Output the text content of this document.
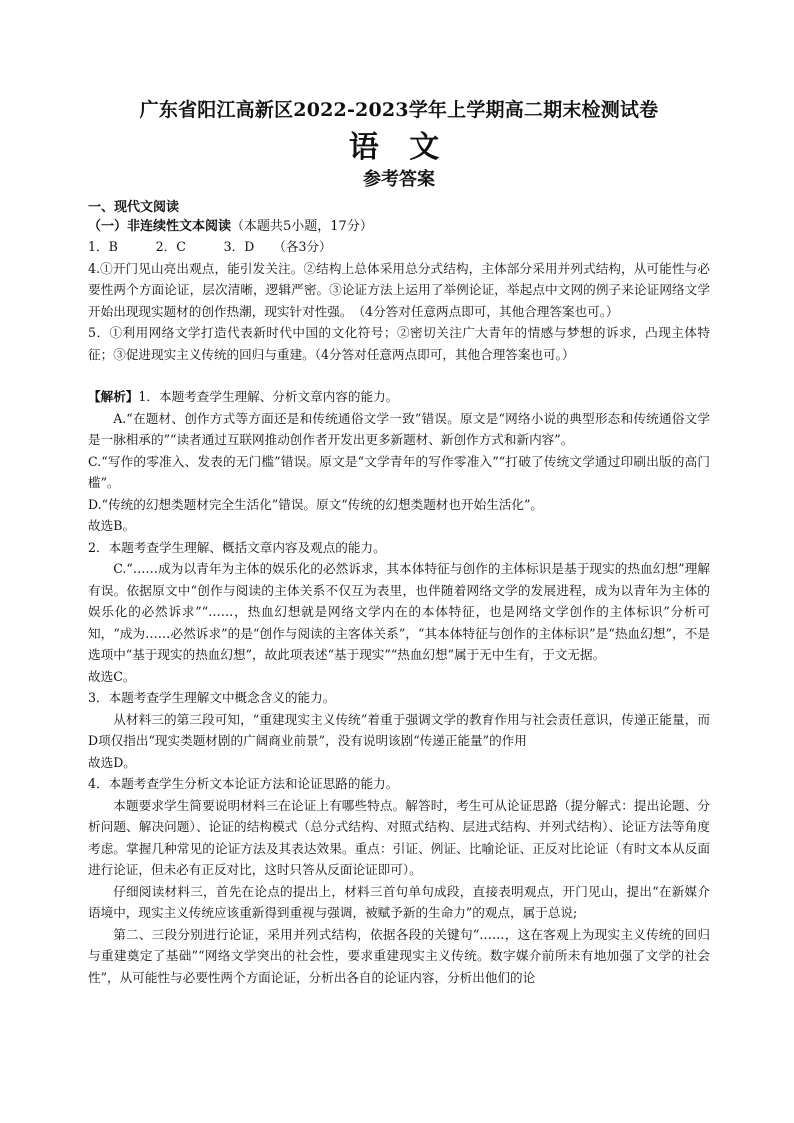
广东省阳江高新区2022-2023学年上学期高二期末检测试卷
语 文
参考答案
一、现代文阅读
（一）非连续性文本阅读（本题共5小题，17分）

1．B　　　2．C　　　3．D　　（各3分）

4.①开门见山亮出观点，能引发关注。②结构上总体采用总分式结构，主体部分采用并列式结构，从可能性与必要性两个方面论证，层次清晰，逻辑严密。③论证方法上运用了举例论证，举起点中文网的例子来论证网络文学开始出现现实题材的创作热潮，现实针对性强。　（4分答对任意两点即可，其他合理答案也可。）

5．①利用网络文学打造代表新时代中国的文化符号；②密切关注广大青年的情感与梦想的诉求，凸现主体特征；③促进现实主义传统的回归与重建。（4分答对任意两点即可，其他合理答案也可。）

【解析】1．本题考查学生理解、分析文章内容的能力。

A.“在题材、创作方式等方面还是和传统通俗文学一致”错误。原文是“网络小说的典型形态和传统通俗文学是一脉相承的”“读者通过互联网推动创作者开发出更多新题材、新创作方式和新内容”。

C.“写作的零准入、发表的无门槛”错误。原文是“文学青年的写作零准入”“打破了传统文学通过印刷出版的高门槛”。

D.“传统的幻想类题材完全生活化”错误。原文“传统的幻想类题材也开始生活化”。

故选B。

2．本题考查学生理解、概括文章内容及观点的能力。

C.“……成为以青年为主体的娱乐化的必然诉求，其本体特征与创作的主体标识是基于现实的热血幻想”理解有误。依据原文中“创作与阅读的主体关系不仅互为表里，也伴随着网络文学的发展进程，成为以青年为主体的娱乐化的必然诉求”“……，热血幻想就是网络文学内在的本体特征，也是网络文学创作的主体标识”分析可知，“成为……必然诉求”的是“创作与阅读的主客体关系”，“其本体特征与创作的主体标识”是“热血幻想”，不是选项中“基于现实的热血幻想”，故此项表述“基于现实”“热血幻想”属于无中生有，于文无据。

故选C。

3．本题考查学生理解文中概念含义的能力。

从材料三的第三段可知，“重建现实主义传统”着重于强调文学的教育作用与社会责任意识，传递正能量，而D项仅指出“现实类题材剧的广阔商业前景”，没有说明该剧“传递正能量”的作用

故选D。

4．本题考查学生分析文本论证方法和论证思路的能力。

本题要求学生简要说明材料三在论证上有哪些特点。解答时，考生可从论证思路（提分解式：提出论题、分析问题、解决问题）、论证的结构模式（总分式结构、对照式结构、层进式结构、并列式结构）、论证方法等角度考虑。掌握几种常见的论证方法及其表达效果。重点：引证、例证、比喻论证、正反对比论证（有时文本从反面进行论证，但未必有正反对比，这时只答从反面论证即可）。

仔细阅读材料三，首先在论点的提出上，材料三首句单句成段，直接表明观点，开门见山，提出“在新媒介语境中，现实主义传统应该重新得到重视与强调，被赋予新的生命力”的观点，属于总说;

第二、三段分别进行论证，采用并列式结构，依据各段的关键句“……，这在客观上为现实主义传统的回归与重建奠定了基础”“网络文学突出的社会性，要求重建现实主义传统。数字媒介前所未有地加强了文学的社会性”，从可能性与必要性两个方面论证，分析出各自的论证内容，分析出他们的论
